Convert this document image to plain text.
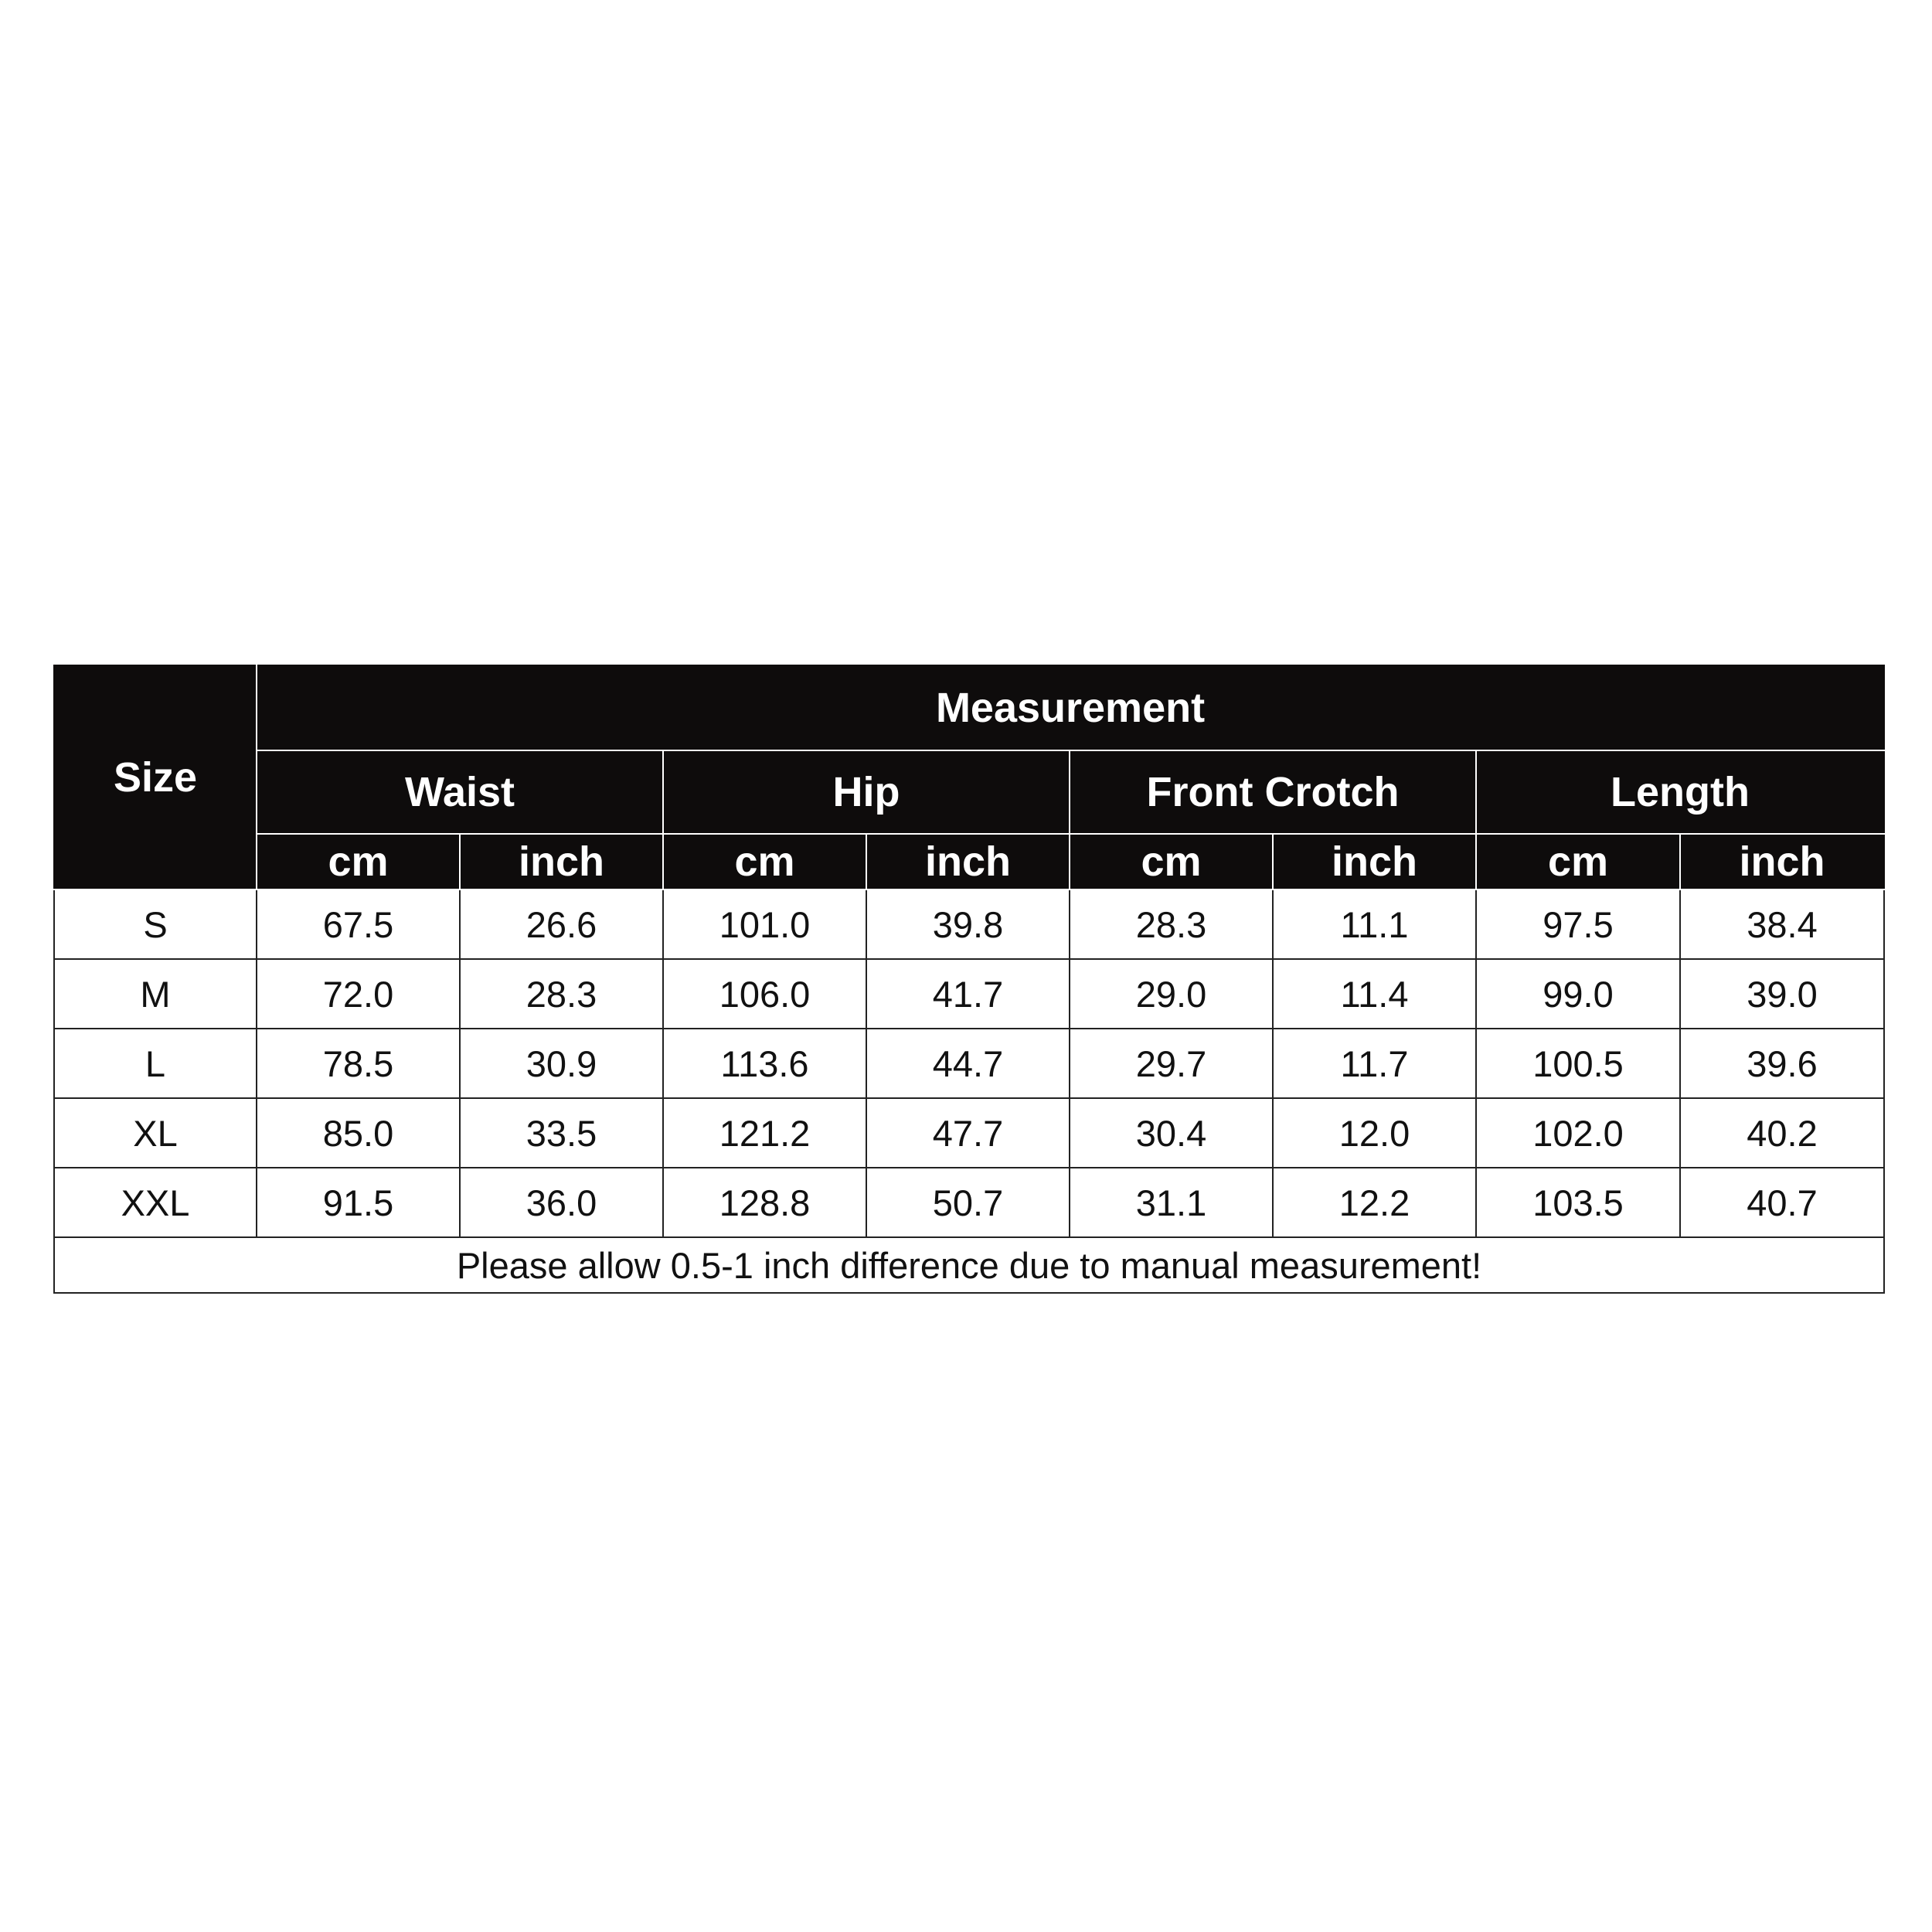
Size	Measurement							
	Waist		Hip		Front Crotch		Length	
	cm	inch	cm	inch	cm	inch	cm	inch
S	67.5	26.6	101.0	39.8	28.3	11.1	97.5	38.4
M	72.0	28.3	106.0	41.7	29.0	11.4	99.0	39.0
L	78.5	30.9	113.6	44.7	29.7	11.7	100.5	39.6
XL	85.0	33.5	121.2	47.7	30.4	12.0	102.0	40.2
XXL	91.5	36.0	128.8	50.7	31.1	12.2	103.5	40.7
Please allow 0.5-1 inch difference due to manual measurement!								
